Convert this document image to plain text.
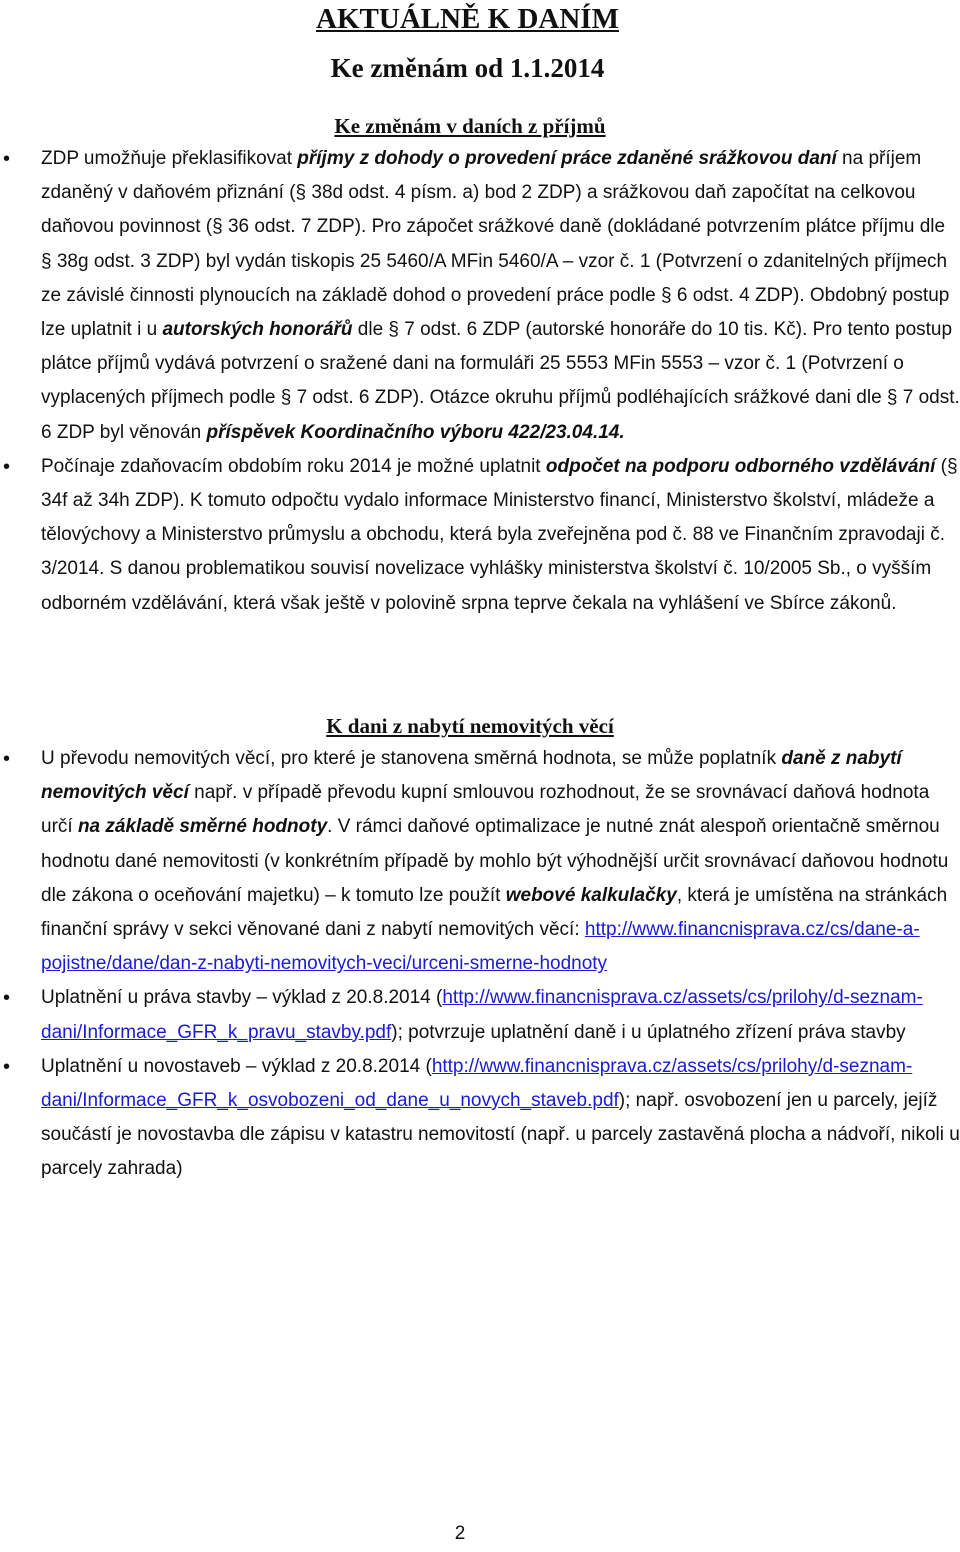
AKTUÁLNĚ K DANÍM
Ke změnám od 1.1.2014
Ke změnám v daních z příjmů
• ZDP umožňuje překlasifikovat příjmy z dohody o provedení práce zdaněné srážkovou daní na příjem zdaněný v daňovém přiznání (§ 38d odst. 4 písm. a) bod 2 ZDP) a srážkovou daň započítat na celkovou daňovou povinnost (§ 36 odst. 7 ZDP). Pro zápočet srážkové daně (dokládané potvrzením plátce příjmu dle § 38g odst. 3 ZDP) byl vydán tiskopis 25 5460/A MFin 5460/A – vzor č. 1 (Potvrzení o zdanitelných příjmech ze závislé činnosti plynoucích na základě dohod o provedení práce podle § 6 odst. 4 ZDP). Obdobný postup lze uplatnit i u autorských honorářů dle § 7 odst. 6 ZDP (autorské honoráře do 10 tis. Kč). Pro tento postup plátce příjmů vydává potvrzení o sražené dani na formuláři 25 5553 MFin 5553 – vzor č. 1 (Potvrzení o vyplacených příjmech podle § 7 odst. 6 ZDP). Otázce okruhu příjmů podléhajících srážkové dani dle § 7 odst. 6 ZDP byl věnován příspěvek Koordinačního výboru 422/23.04.14.
• Počínaje zdaňovacím obdobím roku 2014 je možné uplatnit odpočet na podporu odborného vzdělávání (§ 34f až 34h ZDP). K tomuto odpočtu vydalo informace Ministerstvo financí, Ministerstvo školství, mládeže a tělovýchovy a Ministerstvo průmyslu a obchodu, která byla zveřejněna pod č. 88 ve Finančním zpravodaji č. 3/2014. S danou problematikou souvisí novelizace vyhlášky ministerstva školství č. 10/2005 Sb., o vyšším odborném vzdělávání, která však ještě v polovině srpna teprve čekala na vyhlášení ve Sbírce zákonů.
K dani z nabytí nemovitých věcí
• U převodu nemovitých věcí, pro které je stanovena směrná hodnota, se může poplatník daně z nabytí nemovitých věcí např. v případě převodu kupní smlouvou rozhodnout, že se srovnávací daňová hodnota určí na základě směrné hodnoty. V rámci daňové optimalizace je nutné znát alespoň orientačně směrnou hodnotu dané nemovitosti (v konkrétním případě by mohlo být výhodnější určit srovnávací daňovou hodnotu dle zákona o oceňování majetku) – k tomuto lze použít webové kalkulačky, která je umístěna na stránkách finanční správy v sekci věnované dani z nabytí nemovitých věcí: http://www.financnisprava.cz/cs/dane-a-pojistne/dane/dan-z-nabyti-nemovitych-veci/urceni-smerne-hodnoty
• Uplatnění u práva stavby – výklad z 20.8.2014 (http://www.financnisprava.cz/assets/cs/prilohy/d-seznam-dani/Informace_GFR_k_pravu_stavby.pdf); potvrzuje uplatnění daně i u úplatného zřízení práva stavby
• Uplatnění u novostaveb – výklad z 20.8.2014 (http://www.financnisprava.cz/assets/cs/prilohy/d-seznam-dani/Informace_GFR_k_osvobozeni_od_dane_u_novych_staveb.pdf); např. osvobození jen u parcely, jejíž součástí je novostavba dle zápisu v katastru nemovitostí (např. u parcely zastavěná plocha a nádvoří, nikoli u parcely zahrada)
2
